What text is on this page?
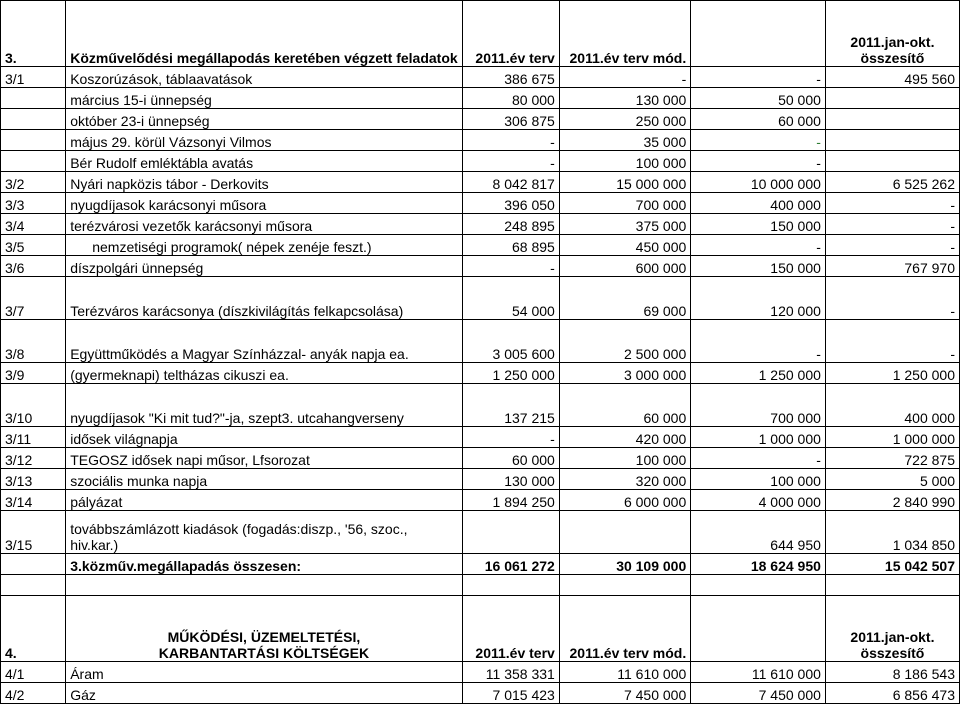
3.	Közművelődési megállapodás keretében végzett feladatok	2011.év terv	2011.év terv mód.		2011.jan-okt.
összesítő
3/1	Koszorúzások, táblaavatások	386 675	-	-	495 560
	március 15-i ünnepség	80 000	130 000	50 000	
	október 23-i ünnepség	306 875	250 000	60 000	
	május 29. körül Vázsonyi Vilmos	-	35 000	-	
	Bér Rudolf emléktábla avatás	-	100 000	-	
3/2	Nyári napközis tábor - Derkovits	8 042 817	15 000 000	10 000 000	6 525 262
3/3	nyugdíjasok karácsonyi műsora	396 050	700 000	400 000	-
3/4	terézvárosi vezetők karácsonyi műsora	248 895	375 000	150 000	-
3/5	nemzetiségi programok( népek zenéje feszt.)	68 895	450 000	-	-
3/6	díszpolgári ünnepség	-	600 000	150 000	767 970
3/7	Terézváros karácsonya (díszkivilágítás felkapcsolása)	54 000	69 000	120 000	-
3/8	Együttműködés a Magyar Színházzal- anyák napja ea.	3 005 600	2 500 000	-	-
3/9	(gyermeknapi) teltházas cikuszi ea.	1 250 000	3 000 000	1 250 000	1 250 000
3/10	nyugdíjasok "Ki mit tud?"-ja, szept3. utcahangverseny	137 215	60 000	700 000	400 000
3/11	idősek világnapja	-	420 000	1 000 000	1 000 000
3/12	TEGOSZ idősek napi műsor, Lfsorozat	60 000	100 000	-	722 875
3/13	szociális munka napja	130 000	320 000	100 000	5 000
3/14	pályázat	1 894 250	6 000 000	4 000 000	2 840 990
3/15	továbbszámlázott kiadások (fogadás:diszp., '56, szoc., hiv.kar.)			644 950	1 034 850
	3.közműv.megállapadás összesen:	16 061 272	30 109 000	18 624 950	15 042 507

4.	MŰKÖDÉSI, ÜZEMELTETÉSI, KARBANTARTÁSI KÖLTSÉGEK	2011.év terv	2011.év terv mód.		2011.jan-okt.
összesítő
4/1	Áram	11 358 331	11 610 000	11 610 000	8 186 543
4/2	Gáz	7 015 423	7 450 000	7 450 000	6 856 473
